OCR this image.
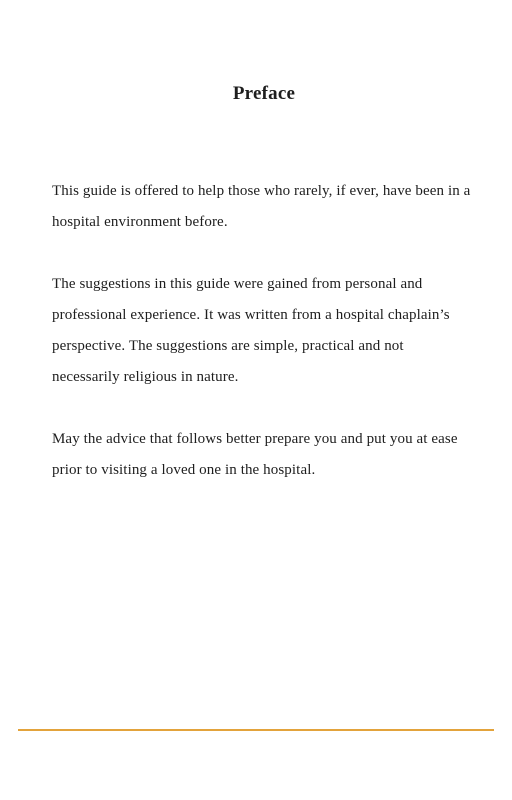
Preface

This guide is offered to help those who rarely, if ever, have been in a hospital environment before.

The suggestions in this guide were gained from personal and professional experience. It was written from a hospital chaplain’s perspective. The suggestions are simple, practical and not necessarily religious in nature.

May the advice that follows better prepare you and put you at ease prior to visiting a loved one in the hospital.
